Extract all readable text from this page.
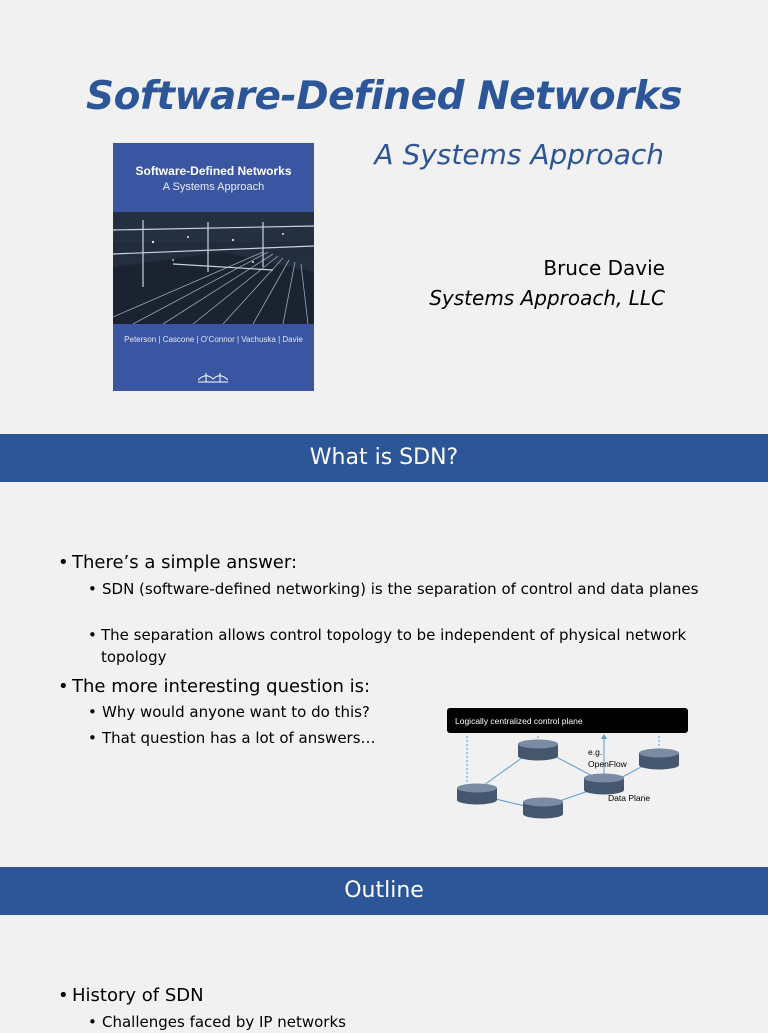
Software-Defined Networks
A Systems Approach
Bruce Davie
Systems Approach, LLC
Software-Defined Networks
A Systems Approach
Peterson | Cascone | O'Connor | Vachuska | Davie
What is SDN?
• There’s a simple answer:
• SDN (software-defined networking) is the separation of control and data planes
• The separation allows control topology to be independent of physical network topology
• The more interesting question is:
• Why would anyone want to do this?
• That question has a lot of answers…
Logically centralized control plane
e.g.
OpenFlow
Data Plane
Outline
• History of SDN
• Challenges faced by IP networks
